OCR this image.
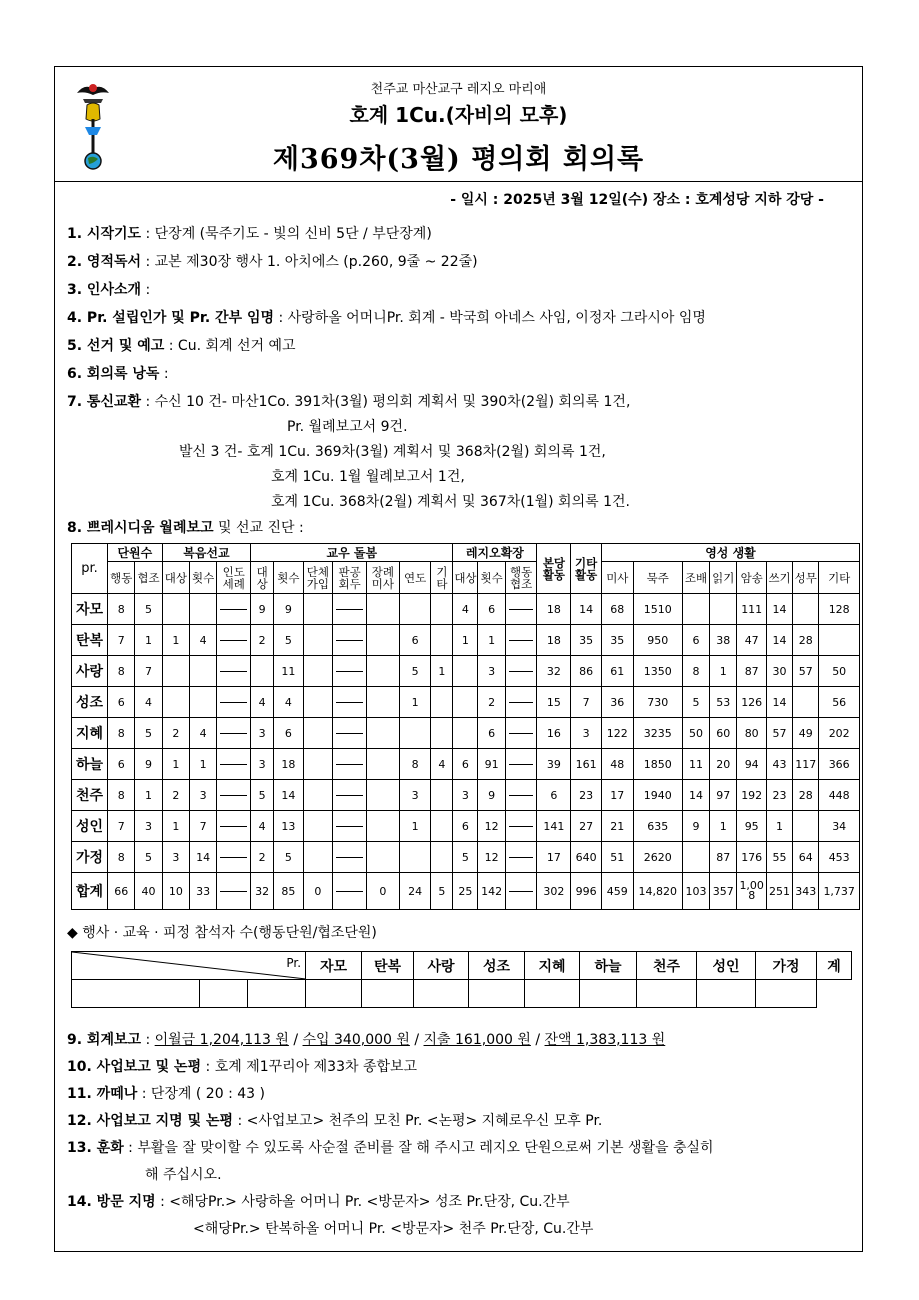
천주교 마산교구 레지오 마리애
호계 1Cu.(자비의 모후)
제369차(3월) 평의회 회의록
- 일시 : 2025년 3월 12일(수) 장소 : 호계성당 지하 강당 -
1. 시작기도 : 단장계 (묵주기도 - 빛의 신비 5단 / 부단장계)
2. 영적독서 : 교본 제30장 행사 1. 아치에스 (p.260, 9줄 ~ 22줄)
3. 인사소개 :
4. Pr. 설립인가 및 Pr. 간부 임명 : 사랑하올 어머니Pr. 회계 - 박국희 아네스 사임, 이정자 그라시아 임명
5. 선거 및 예고 : Cu. 회계 선거 예고
6. 회의록 낭독 :
7. 통신교환 : 수신 10 건- 마산1Co. 391차(3월) 평의회 계획서 및 390차(2월) 회의록 1건,
Pr. 월례보고서 9건.
발신 3 건- 호계 1Cu. 369차(3월) 계획서 및 368차(2월) 회의록 1건,
호계 1Cu. 1월 월례보고서 1건,
호계 1Cu. 368차(2월) 계획서 및 367차(1월) 회의록 1건.
8. 쁘레시디움 월례보고 및 선교 진단 :
pr.	단원수		복음선교			교우 돌봄							레지오확장			본당활동	기타활동	영성 생활							
	행동	협조	대상	횟수	인도세례	대상	횟수	단체가입	판공회두	장례미사	연도	기타	대상	횟수	행동협조			미사	묵주	조배	읽기	암송	쓰기	성무	기타
자모	8	5				9	9						4	6		18	14	68	1510			111	14		128
탄복	7	1	1	4		2	5				6		1	1		18	35	35	950	6	38	47	14	28	
사랑	8	7					11				5	1		3		32	86	61	1350	8	1	87	30	57	50
성조	6	4				4	4				1			2		15	7	36	730	5	53	126	14		56
지혜	8	5	2	4		3	6							6		16	3	122	3235	50	60	80	57	49	202
하늘	6	9	1	1		3	18				8	4	6	91		39	161	48	1850	11	20	94	43	117	366
천주	8	1	2	3		5	14				3		3	9		6	23	17	1940	14	97	192	23	28	448
성인	7	3	1	7		4	13				1		6	12		141	27	21	635	9	1	95	1		34
가정	8	5	3	14		2	5						5	12		17	640	51	2620		87	176	55	64	453
합계	66	40	10	33		32	85	0		0	24	5	25	142		302	996	459	14,820	103	357	1,008	251	343	1,737
◆ 행사 · 교육 · 피정 참석자 수(행동단원/협조단원)
Pr.			자모	탄복	사랑	성조	지혜	하늘	천주	성인	가정	계

9. 회계보고 : 이월금 1,204,113 원 / 수입 340,000 원 / 지출 161,000 원 / 잔액 1,383,113 원
10. 사업보고 및 논평 : 호계 제1꾸리아 제33차 종합보고
11. 까떼나 : 단장계 ( 20 : 43 )
12. 사업보고 지명 및 논평 : <사업보고> 천주의 모친 Pr. <논평> 지혜로우신 모후 Pr.
13. 훈화 : 부활을 잘 맞이할 수 있도록 사순절 준비를 잘 해 주시고 레지오 단원으로써 기본 생활을 충실히
해 주십시오.
14. 방문 지명 : <해당Pr.> 사랑하올 어머니 Pr. <방문자> 성조 Pr.단장, Cu.간부
<해당Pr.> 탄복하올 어머니 Pr. <방문자> 천주 Pr.단장, Cu.간부
